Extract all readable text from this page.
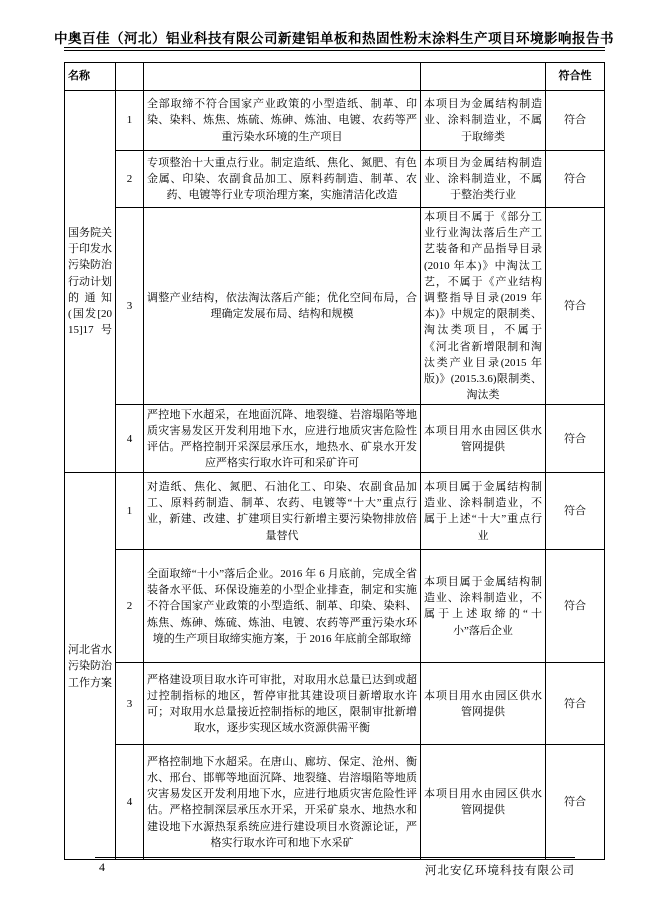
中奥百佳（河北）铝业科技有限公司新建铝单板和热固性粉末涂料生产项目环境影响报告书
名称				符合性
国务院关于印发水污染防治行动计划的通知(国发[2015]17号	1	全部取缔不符合国家产业政策的小型造纸、制革、印染、染料、炼焦、炼硫、炼砷、炼油、电镀、农药等严重污染水环境的生产项目	本项目为金属结构制造业、涂料制造业，不属于取缔类	符合
	2	专项整治十大重点行业。制定造纸、焦化、氮肥、有色金属、印染、农副食品加工、原料药制造、制革、农药、电镀等行业专项治理方案，实施清洁化改造	本项目为金属结构制造业、涂料制造业，不属于整治类行业	符合
	3	调整产业结构，依法淘汰落后产能；优化空间布局，合理确定发展布局、结构和规模	本项目不属于《部分工业行业淘汰落后生产工艺装备和产品指导目录(2010 年本)》中淘汰工艺，不属于《产业结构调整指导目录(2019 年本)》中规定的限制类、淘汰类项目，不属于《河北省新增限制和淘汰类产业目录(2015 年版)》(2015.3.6)限制类、淘汰类	符合
	4	严控地下水超采，在地面沉降、地裂缝、岩溶塌陷等地质灾害易发区开发利用地下水，应进行地质灾害危险性评估。严格控制开采深层承压水，地热水、矿泉水开发应严格实行取水许可和采矿许可	本项目用水由园区供水管网提供	符合
河北省水污染防治工作方案	1	对造纸、焦化、氮肥、石油化工、印染、农副食品加工、原料药制造、制革、农药、电镀等“十大”重点行业，新建、改建、扩建项目实行新增主要污染物排放倍量替代	本项目属于金属结构制造业、涂料制造业，不属于上述“十大”重点行业	符合
	2	全面取缔“十小”落后企业。2016 年 6 月底前，完成全省装备水平低、环保设施差的小型企业排查，制定和实施不符合国家产业政策的小型造纸、制革、印染、染料、炼焦、炼砷、炼硫、炼油、电镀、农药等严重污染水环境的生产项目取缔实施方案，于 2016 年底前全部取缔	本项目属于金属结构制造业、涂料制造业，不属于上述取缔的“十小”落后企业	符合
	3	严格建设项目取水许可审批，对取用水总量已达到或超过控制指标的地区，暂停审批其建设项目新增取水许可；对取用水总量接近控制指标的地区，限制审批新增取水，逐步实现区域水资源供需平衡	本项目用水由园区供水管网提供	符合
	4	严格控制地下水超采。在唐山、廊坊、保定、沧州、衡水、邢台、邯郸等地面沉降、地裂缝、岩溶塌陷等地质灾害易发区开发利用地下水，应进行地质灾害危险性评估。严格控制深层承压水开采，开采矿泉水、地热水和建设地下水源热泵系统应进行建设项目水资源论证，严格实行取水许可和地下水采矿	本项目用水由园区供水管网提供	符合
4	河北安亿环境科技有限公司
